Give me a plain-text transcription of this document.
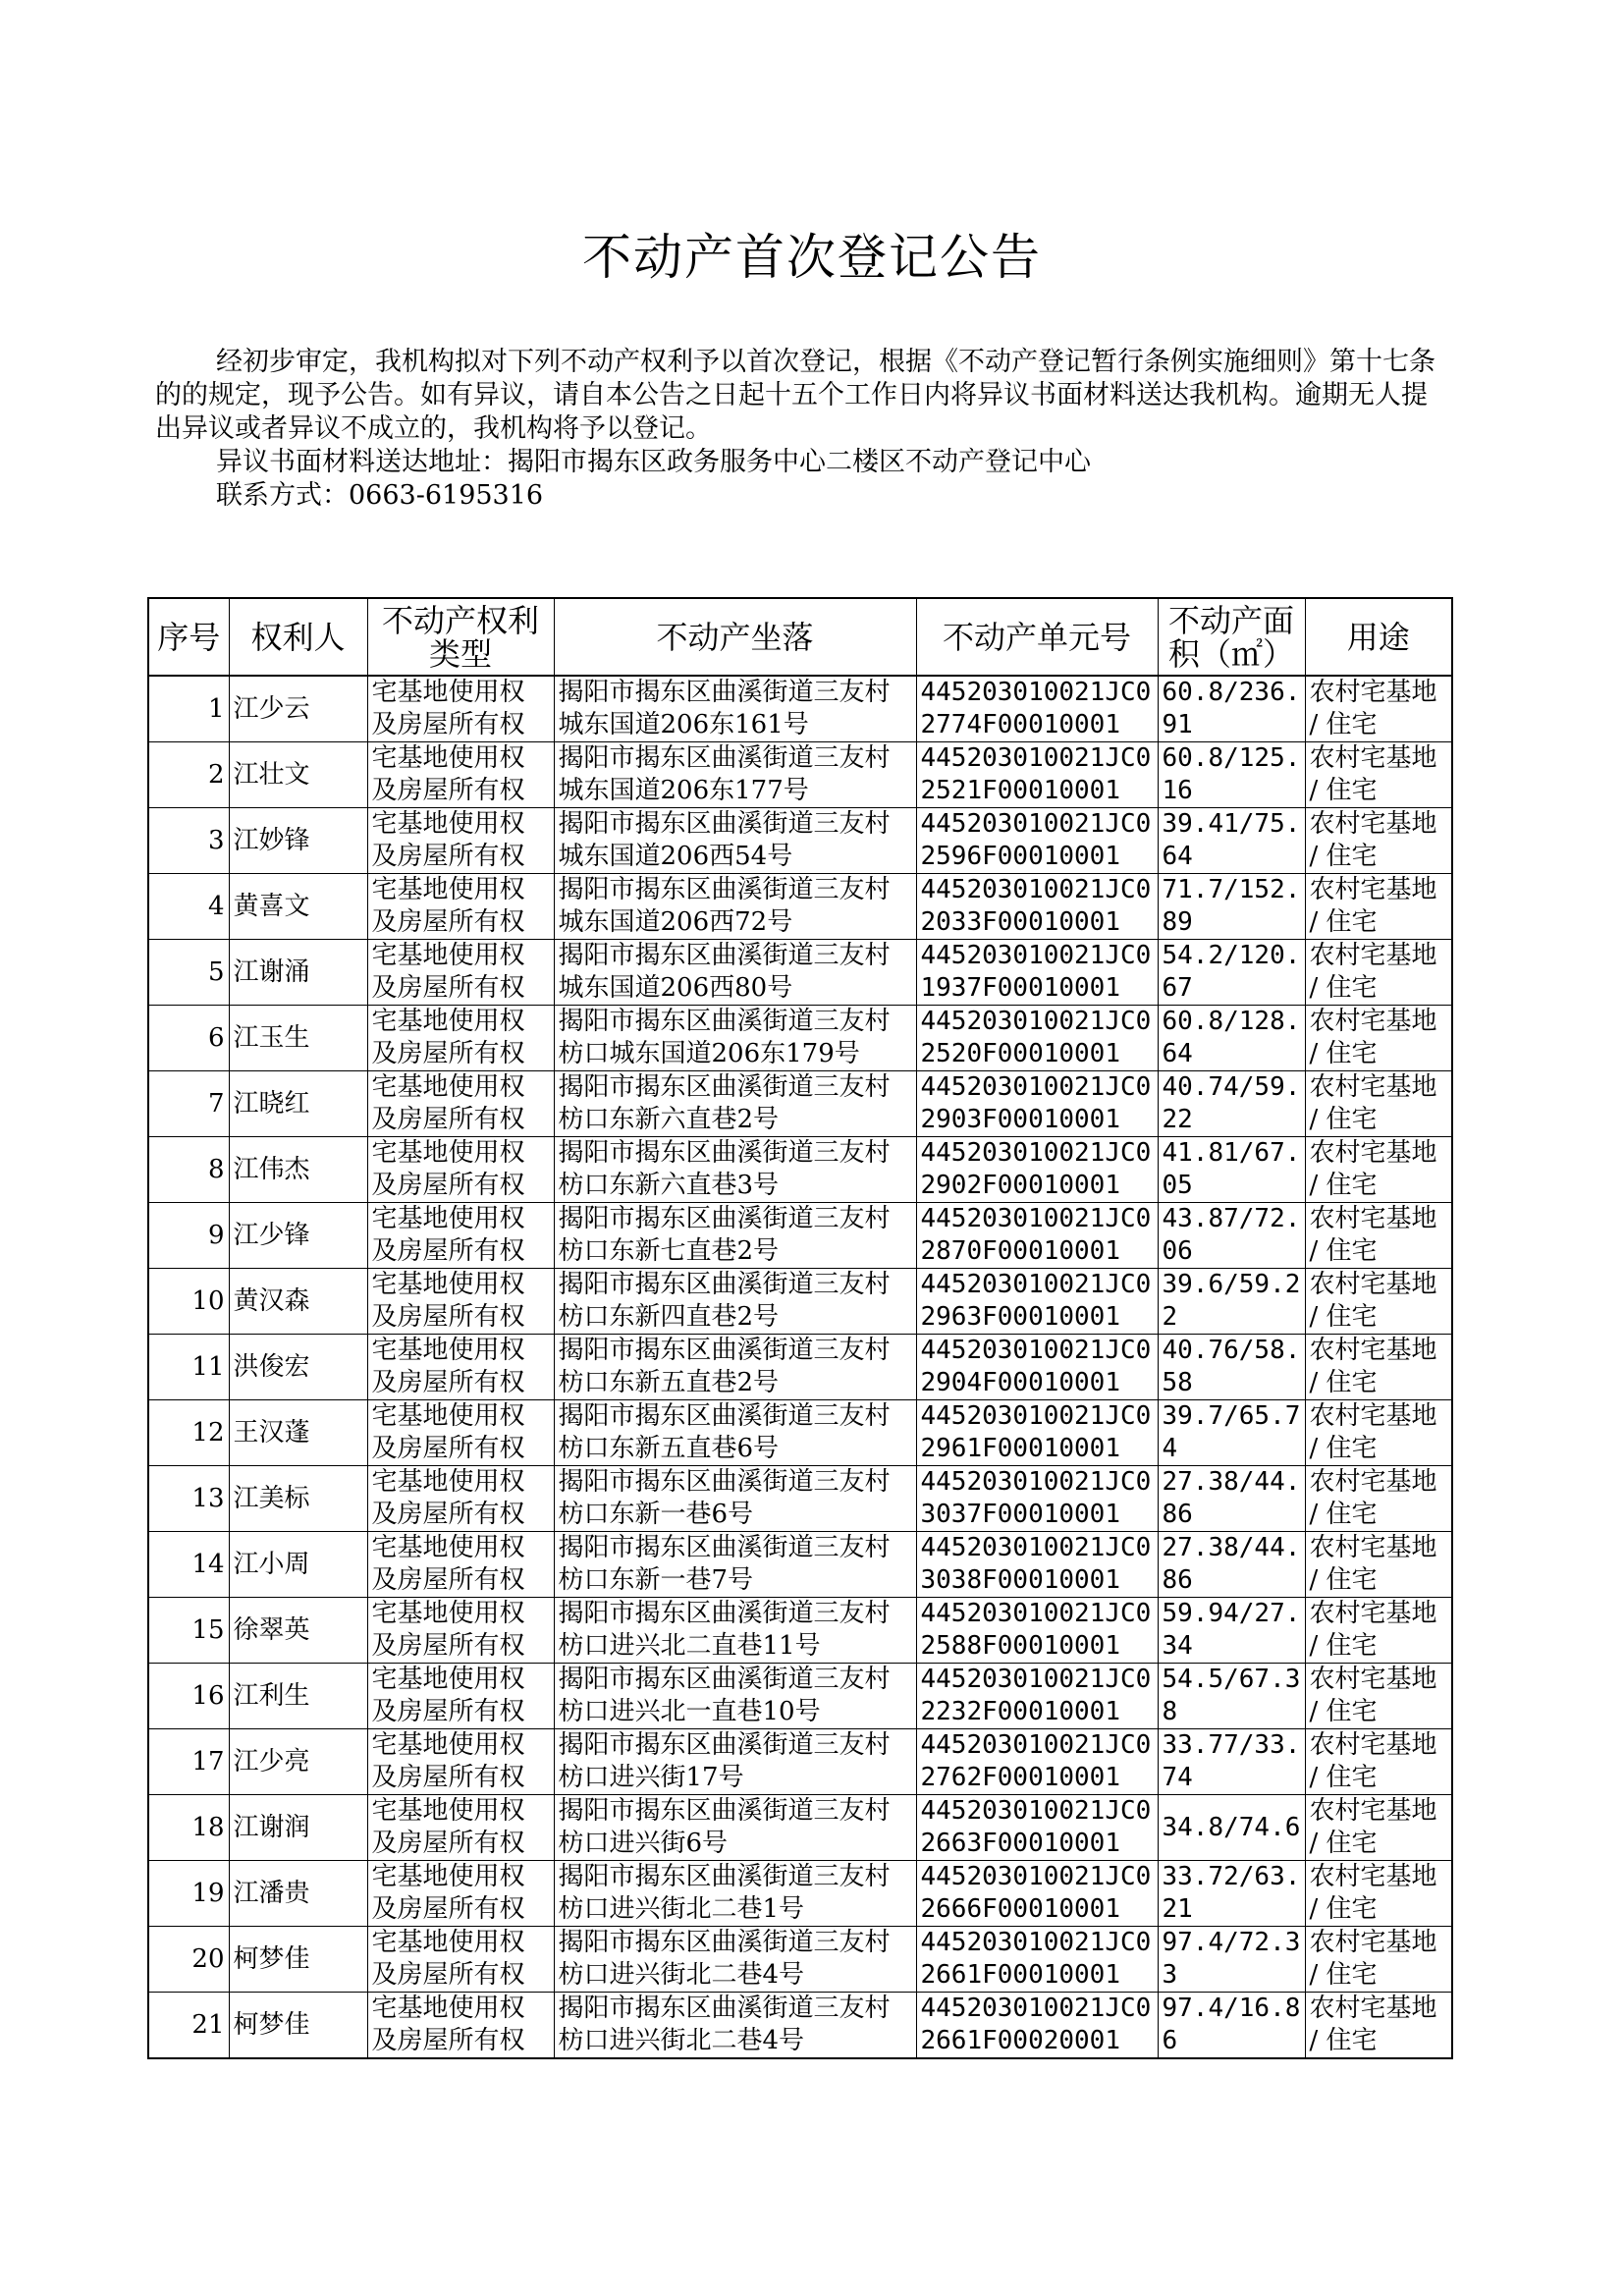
不动产首次登记公告

经初步审定，我机构拟对下列不动产权利予以首次登记，根据《不动产登记暂行条例实施细则》第十七条的的规定，现予公告。如有异议，请自本公告之日起十五个工作日内将异议书面材料送达我机构。逾期无人提出异议或者异议不成立的，我机构将予以登记。

异议书面材料送达地址：揭阳市揭东区政务服务中心二楼区不动产登记中心

联系方式：0663-6195316

序号	权利人	不动产权利类型	不动产坐落	不动产单元号	不动产面积（㎡）	用途
1	江少云	宅基地使用权及房屋所有权	揭阳市揭东区曲溪街道三友村城东国道206东161号	445203010021JC02774F00010001	60.8/236.91	农村宅基地 / 住宅
2	江壮文	宅基地使用权及房屋所有权	揭阳市揭东区曲溪街道三友村城东国道206东177号	445203010021JC02521F00010001	60.8/125.16	农村宅基地 / 住宅
3	江妙锋	宅基地使用权及房屋所有权	揭阳市揭东区曲溪街道三友村城东国道206西54号	445203010021JC02596F00010001	39.41/75.64	农村宅基地 / 住宅
4	黄喜文	宅基地使用权及房屋所有权	揭阳市揭东区曲溪街道三友村城东国道206西72号	445203010021JC02033F00010001	71.7/152.89	农村宅基地 / 住宅
5	江谢涌	宅基地使用权及房屋所有权	揭阳市揭东区曲溪街道三友村城东国道206西80号	445203010021JC01937F00010001	54.2/120.67	农村宅基地 / 住宅
6	江玉生	宅基地使用权及房屋所有权	揭阳市揭东区曲溪街道三友村枋口城东国道206东179号	445203010021JC02520F00010001	60.8/128.64	农村宅基地 / 住宅
7	江晓红	宅基地使用权及房屋所有权	揭阳市揭东区曲溪街道三友村枋口东新六直巷2号	445203010021JC02903F00010001	40.74/59.22	农村宅基地 / 住宅
8	江伟杰	宅基地使用权及房屋所有权	揭阳市揭东区曲溪街道三友村枋口东新六直巷3号	445203010021JC02902F00010001	41.81/67.05	农村宅基地 / 住宅
9	江少锋	宅基地使用权及房屋所有权	揭阳市揭东区曲溪街道三友村枋口东新七直巷2号	445203010021JC02870F00010001	43.87/72.06	农村宅基地 / 住宅
10	黄汉森	宅基地使用权及房屋所有权	揭阳市揭东区曲溪街道三友村枋口东新四直巷2号	445203010021JC02963F00010001	39.6/59.22	农村宅基地 / 住宅
11	洪俊宏	宅基地使用权及房屋所有权	揭阳市揭东区曲溪街道三友村枋口东新五直巷2号	445203010021JC02904F00010001	40.76/58.58	农村宅基地 / 住宅
12	王汉蓬	宅基地使用权及房屋所有权	揭阳市揭东区曲溪街道三友村枋口东新五直巷6号	445203010021JC02961F00010001	39.7/65.74	农村宅基地 / 住宅
13	江美标	宅基地使用权及房屋所有权	揭阳市揭东区曲溪街道三友村枋口东新一巷6号	445203010021JC03037F00010001	27.38/44.86	农村宅基地 / 住宅
14	江小周	宅基地使用权及房屋所有权	揭阳市揭东区曲溪街道三友村枋口东新一巷7号	445203010021JC03038F00010001	27.38/44.86	农村宅基地 / 住宅
15	徐翠英	宅基地使用权及房屋所有权	揭阳市揭东区曲溪街道三友村枋口进兴北二直巷11号	445203010021JC02588F00010001	59.94/27.34	农村宅基地 / 住宅
16	江利生	宅基地使用权及房屋所有权	揭阳市揭东区曲溪街道三友村枋口进兴北一直巷10号	445203010021JC02232F00010001	54.5/67.38	农村宅基地 / 住宅
17	江少亮	宅基地使用权及房屋所有权	揭阳市揭东区曲溪街道三友村枋口进兴街17号	445203010021JC02762F00010001	33.77/33.74	农村宅基地 / 住宅
18	江谢润	宅基地使用权及房屋所有权	揭阳市揭东区曲溪街道三友村枋口进兴街6号	445203010021JC02663F00010001	34.8/74.6	农村宅基地 / 住宅
19	江潘贵	宅基地使用权及房屋所有权	揭阳市揭东区曲溪街道三友村枋口进兴街北二巷1号	445203010021JC02666F00010001	33.72/63.21	农村宅基地 / 住宅
20	柯梦佳	宅基地使用权及房屋所有权	揭阳市揭东区曲溪街道三友村枋口进兴街北二巷4号	445203010021JC02661F00010001	97.4/72.33	农村宅基地 / 住宅
21	柯梦佳	宅基地使用权及房屋所有权	揭阳市揭东区曲溪街道三友村枋口进兴街北二巷4号	445203010021JC02661F00020001	97.4/16.86	农村宅基地 / 住宅
